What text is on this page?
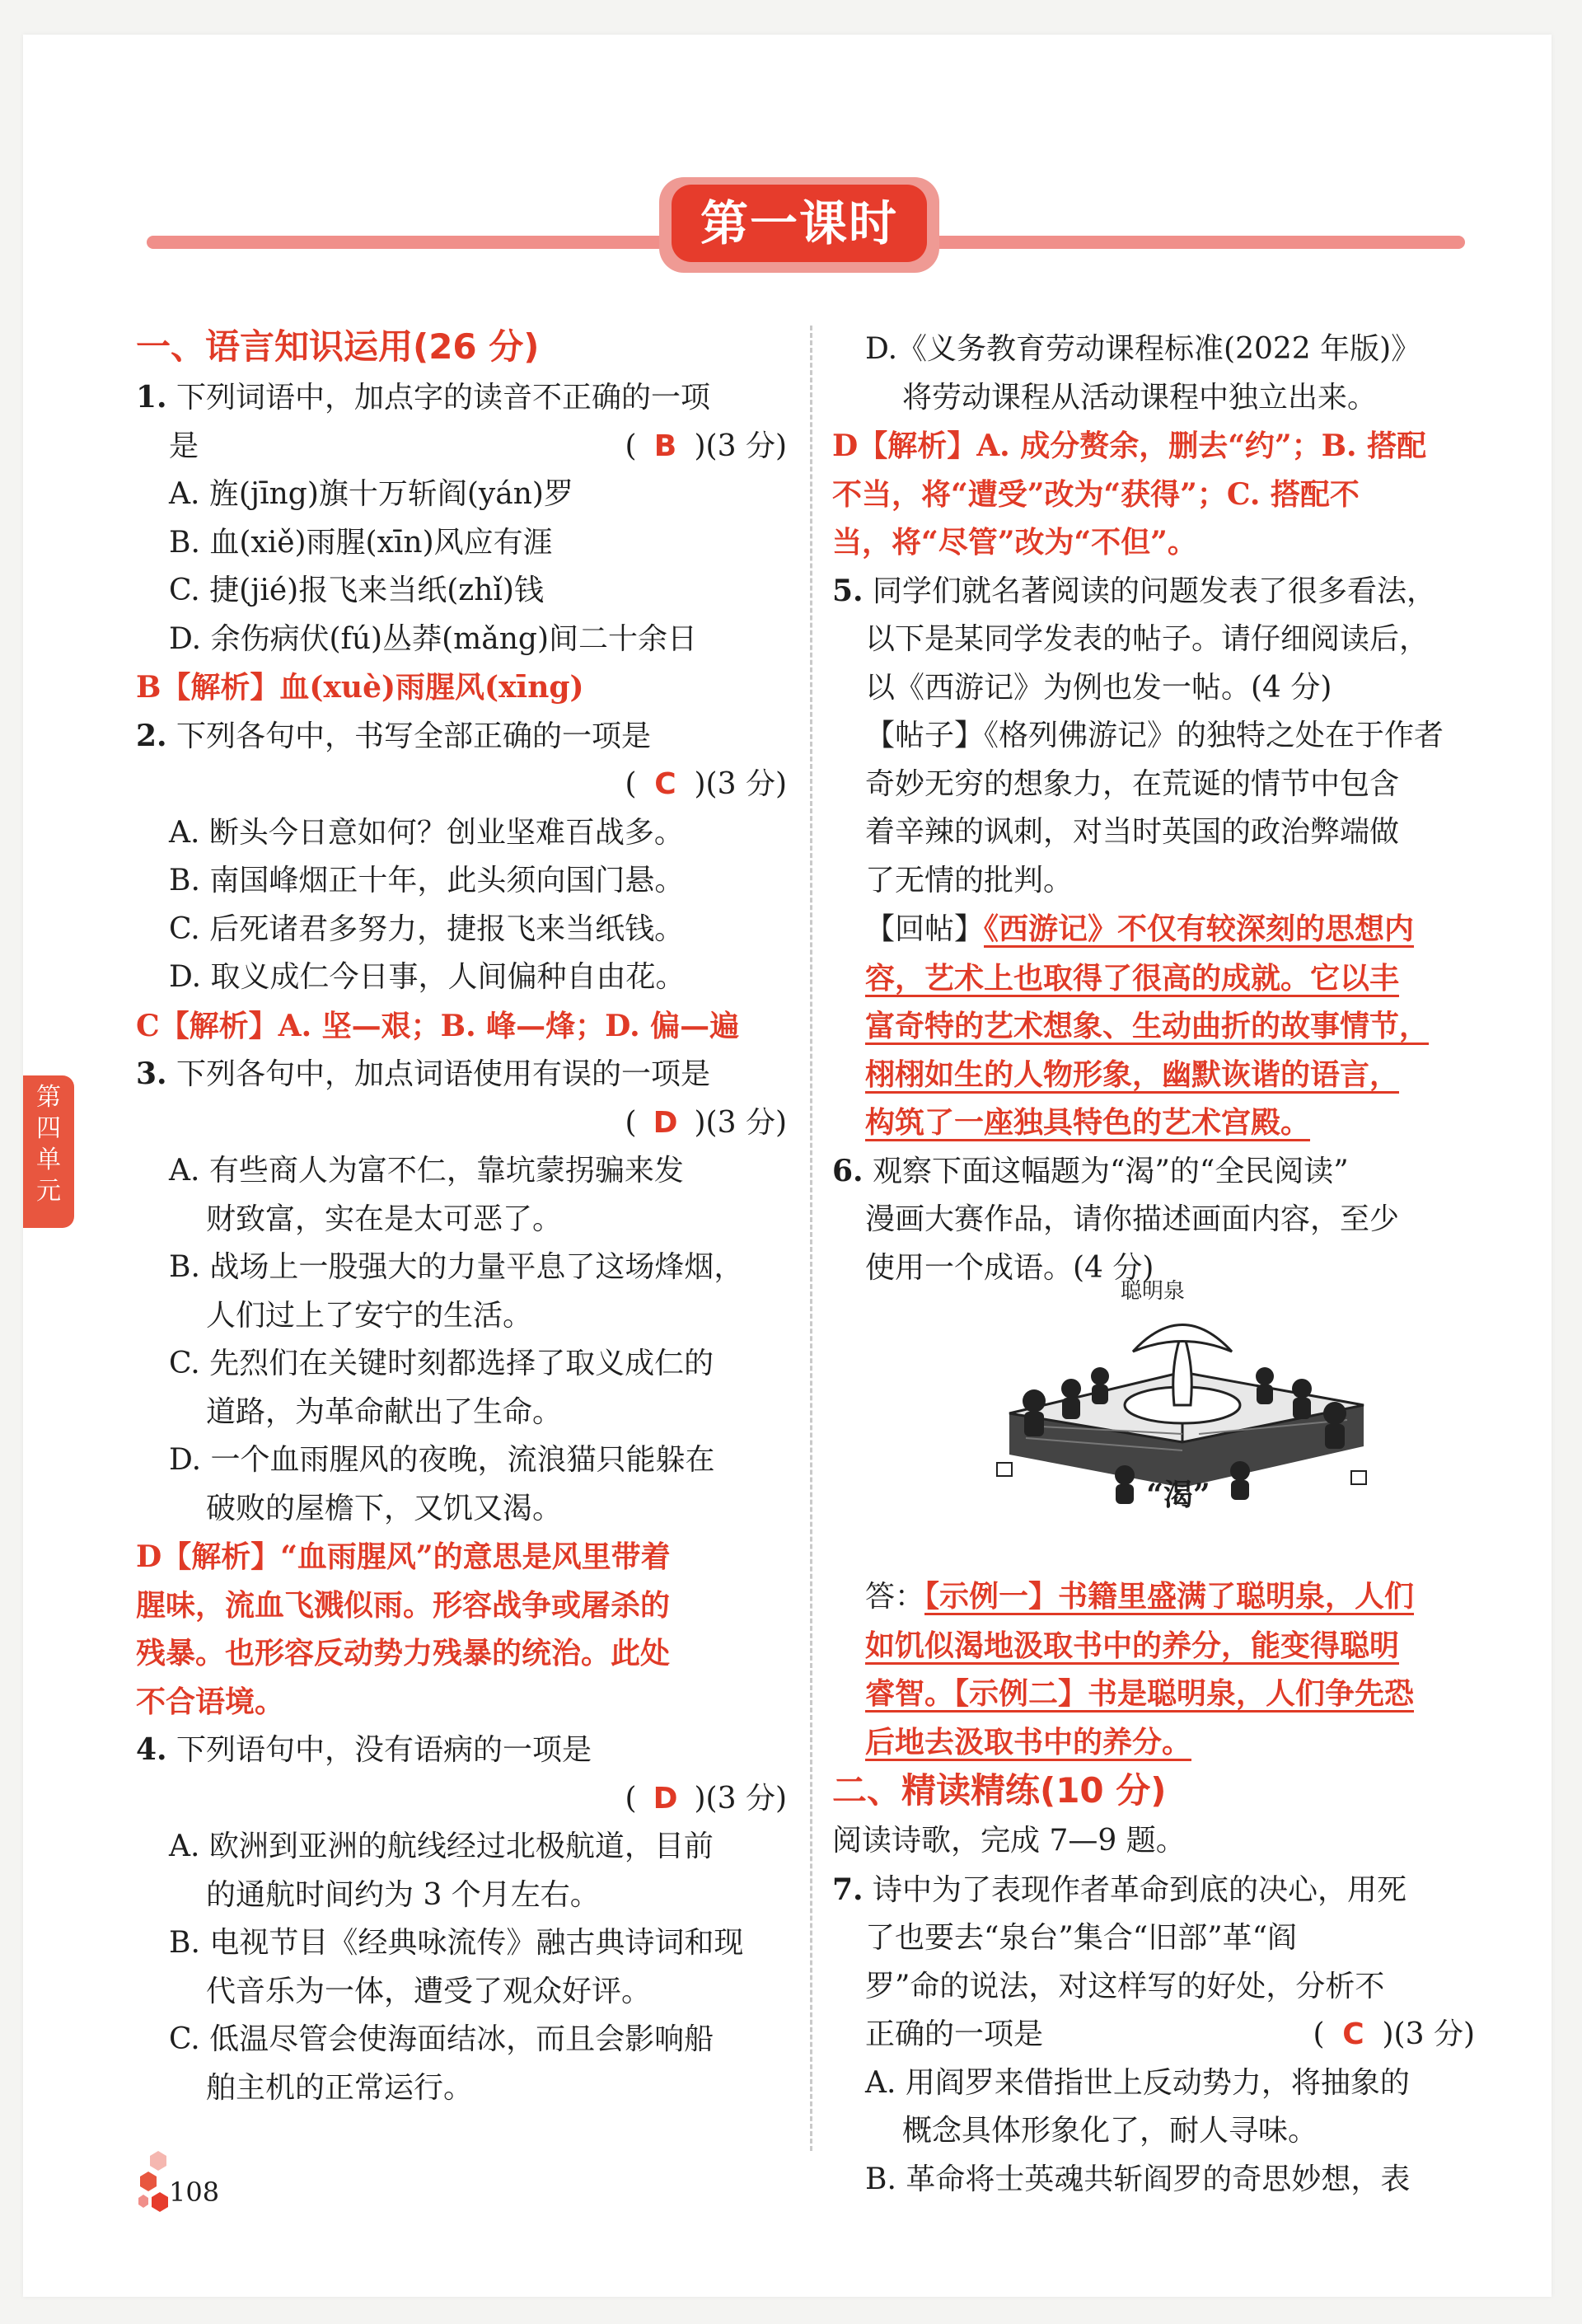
第一课时
第
四
单
元
一、语言知识运用(26 分)
1. 下列词语中，加点字的读音不正确的一项
是	( B )(3 分)
A. 旌(jīng)旗十万斩阎(yán)罗
B. 血(xiě)雨腥(xīn)风应有涯
C. 捷(jié)报飞来当纸(zhǐ)钱
D. 余伤病伏(fú)丛莽(mǎng)间二十余日
B【解析】血(xuè)雨腥风(xīng)
2. 下列各句中，书写全部正确的一项是
( C )(3 分)
A. 断头今日意如何？创业坚难百战多。
B. 南国峰烟正十年，此头须向国门悬。
C. 后死诸君多努力，捷报飞来当纸钱。
D. 取义成仁今日事，人间偏种自由花。
C【解析】A. 坚—艰；B. 峰—烽；D. 偏—遍
3. 下列各句中，加点词语使用有误的一项是
( D )(3 分)
A. 有些商人为富不仁，靠坑蒙拐骗来发
财致富，实在是太可恶了。
B. 战场上一股强大的力量平息了这场烽烟，
人们过上了安宁的生活。
C. 先烈们在关键时刻都选择了取义成仁的
道路，为革命献出了生命。
D. 一个血雨腥风的夜晚，流浪猫只能躲在
破败的屋檐下，又饥又渴。
D【解析】“血雨腥风”的意思是风里带着
腥味，流血飞溅似雨。形容战争或屠杀的
残暴。也形容反动势力残暴的统治。此处
不合语境。
4. 下列语句中，没有语病的一项是
( D )(3 分)
A. 欧洲到亚洲的航线经过北极航道，目前
的通航时间约为 3 个月左右。
B. 电视节目《经典咏流传》融古典诗词和现
代音乐为一体，遭受了观众好评。
C. 低温尽管会使海面结冰，而且会影响船
舶主机的正常运行。
D.《义务教育劳动课程标准(2022 年版)》
将劳动课程从活动课程中独立出来。
D【解析】A. 成分赘余，删去“约”；B. 搭配
不当，将“遭受”改为“获得”；C. 搭配不
当，将“尽管”改为“不但”。
5. 同学们就名著阅读的问题发表了很多看法，
以下是某同学发表的帖子。请仔细阅读后，
以《西游记》为例也发一帖。(4 分)
【帖子】《格列佛游记》的独特之处在于作者
奇妙无穷的想象力，在荒诞的情节中包含
着辛辣的讽刺，对当时英国的政治弊端做
了无情的批判。
【回帖】《西游记》不仅有较深刻的思想内
容，艺术上也取得了很高的成就。它以丰
富奇特的艺术想象、生动曲折的故事情节，
栩栩如生的人物形象，幽默诙谐的语言，
构筑了一座独具特色的艺术宫殿。
6. 观察下面这幅题为“渴”的“全民阅读”
漫画大赛作品，请你描述画面内容，至少
使用一个成语。(4 分)
答：【示例一】书籍里盛满了聪明泉，人们
如饥似渴地汲取书中的养分，能变得聪明
睿智。【示例二】书是聪明泉，人们争先恐
后地去汲取书中的养分。
二、精读精练(10 分)
阅读诗歌，完成 7—9 题。
7. 诗中为了表现作者革命到底的决心，用死
了也要去“泉台”集合“旧部”革“阎
罗”命的说法，对这样写的好处，分析不
正确的一项是	( C )(3 分)
A. 用阎罗来借指世上反动势力，将抽象的
概念具体形象化了，耐人寻味。
B. 革命将士英魂共斩阎罗的奇思妙想，表
聪明泉
“渴”
108
